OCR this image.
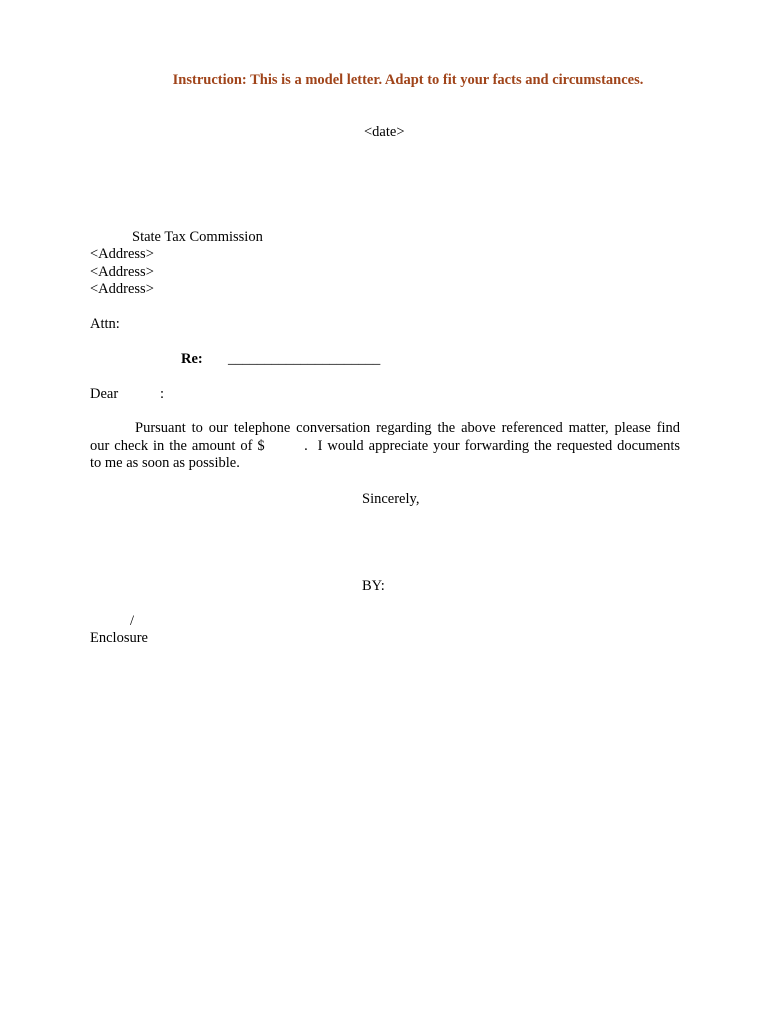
Instruction: This is a model letter. Adapt to fit your facts and circumstances.
<date>
State Tax Commission
<Address>
<Address>
<Address>
Attn:
Re: _____________________
Dear	:
Pursuant to our telephone conversation regarding the above referenced matter, please find
our check in the amount of $        .  I would appreciate your forwarding the requested documents
to me as soon as possible.
Sincerely,
BY:
/
Enclosure
